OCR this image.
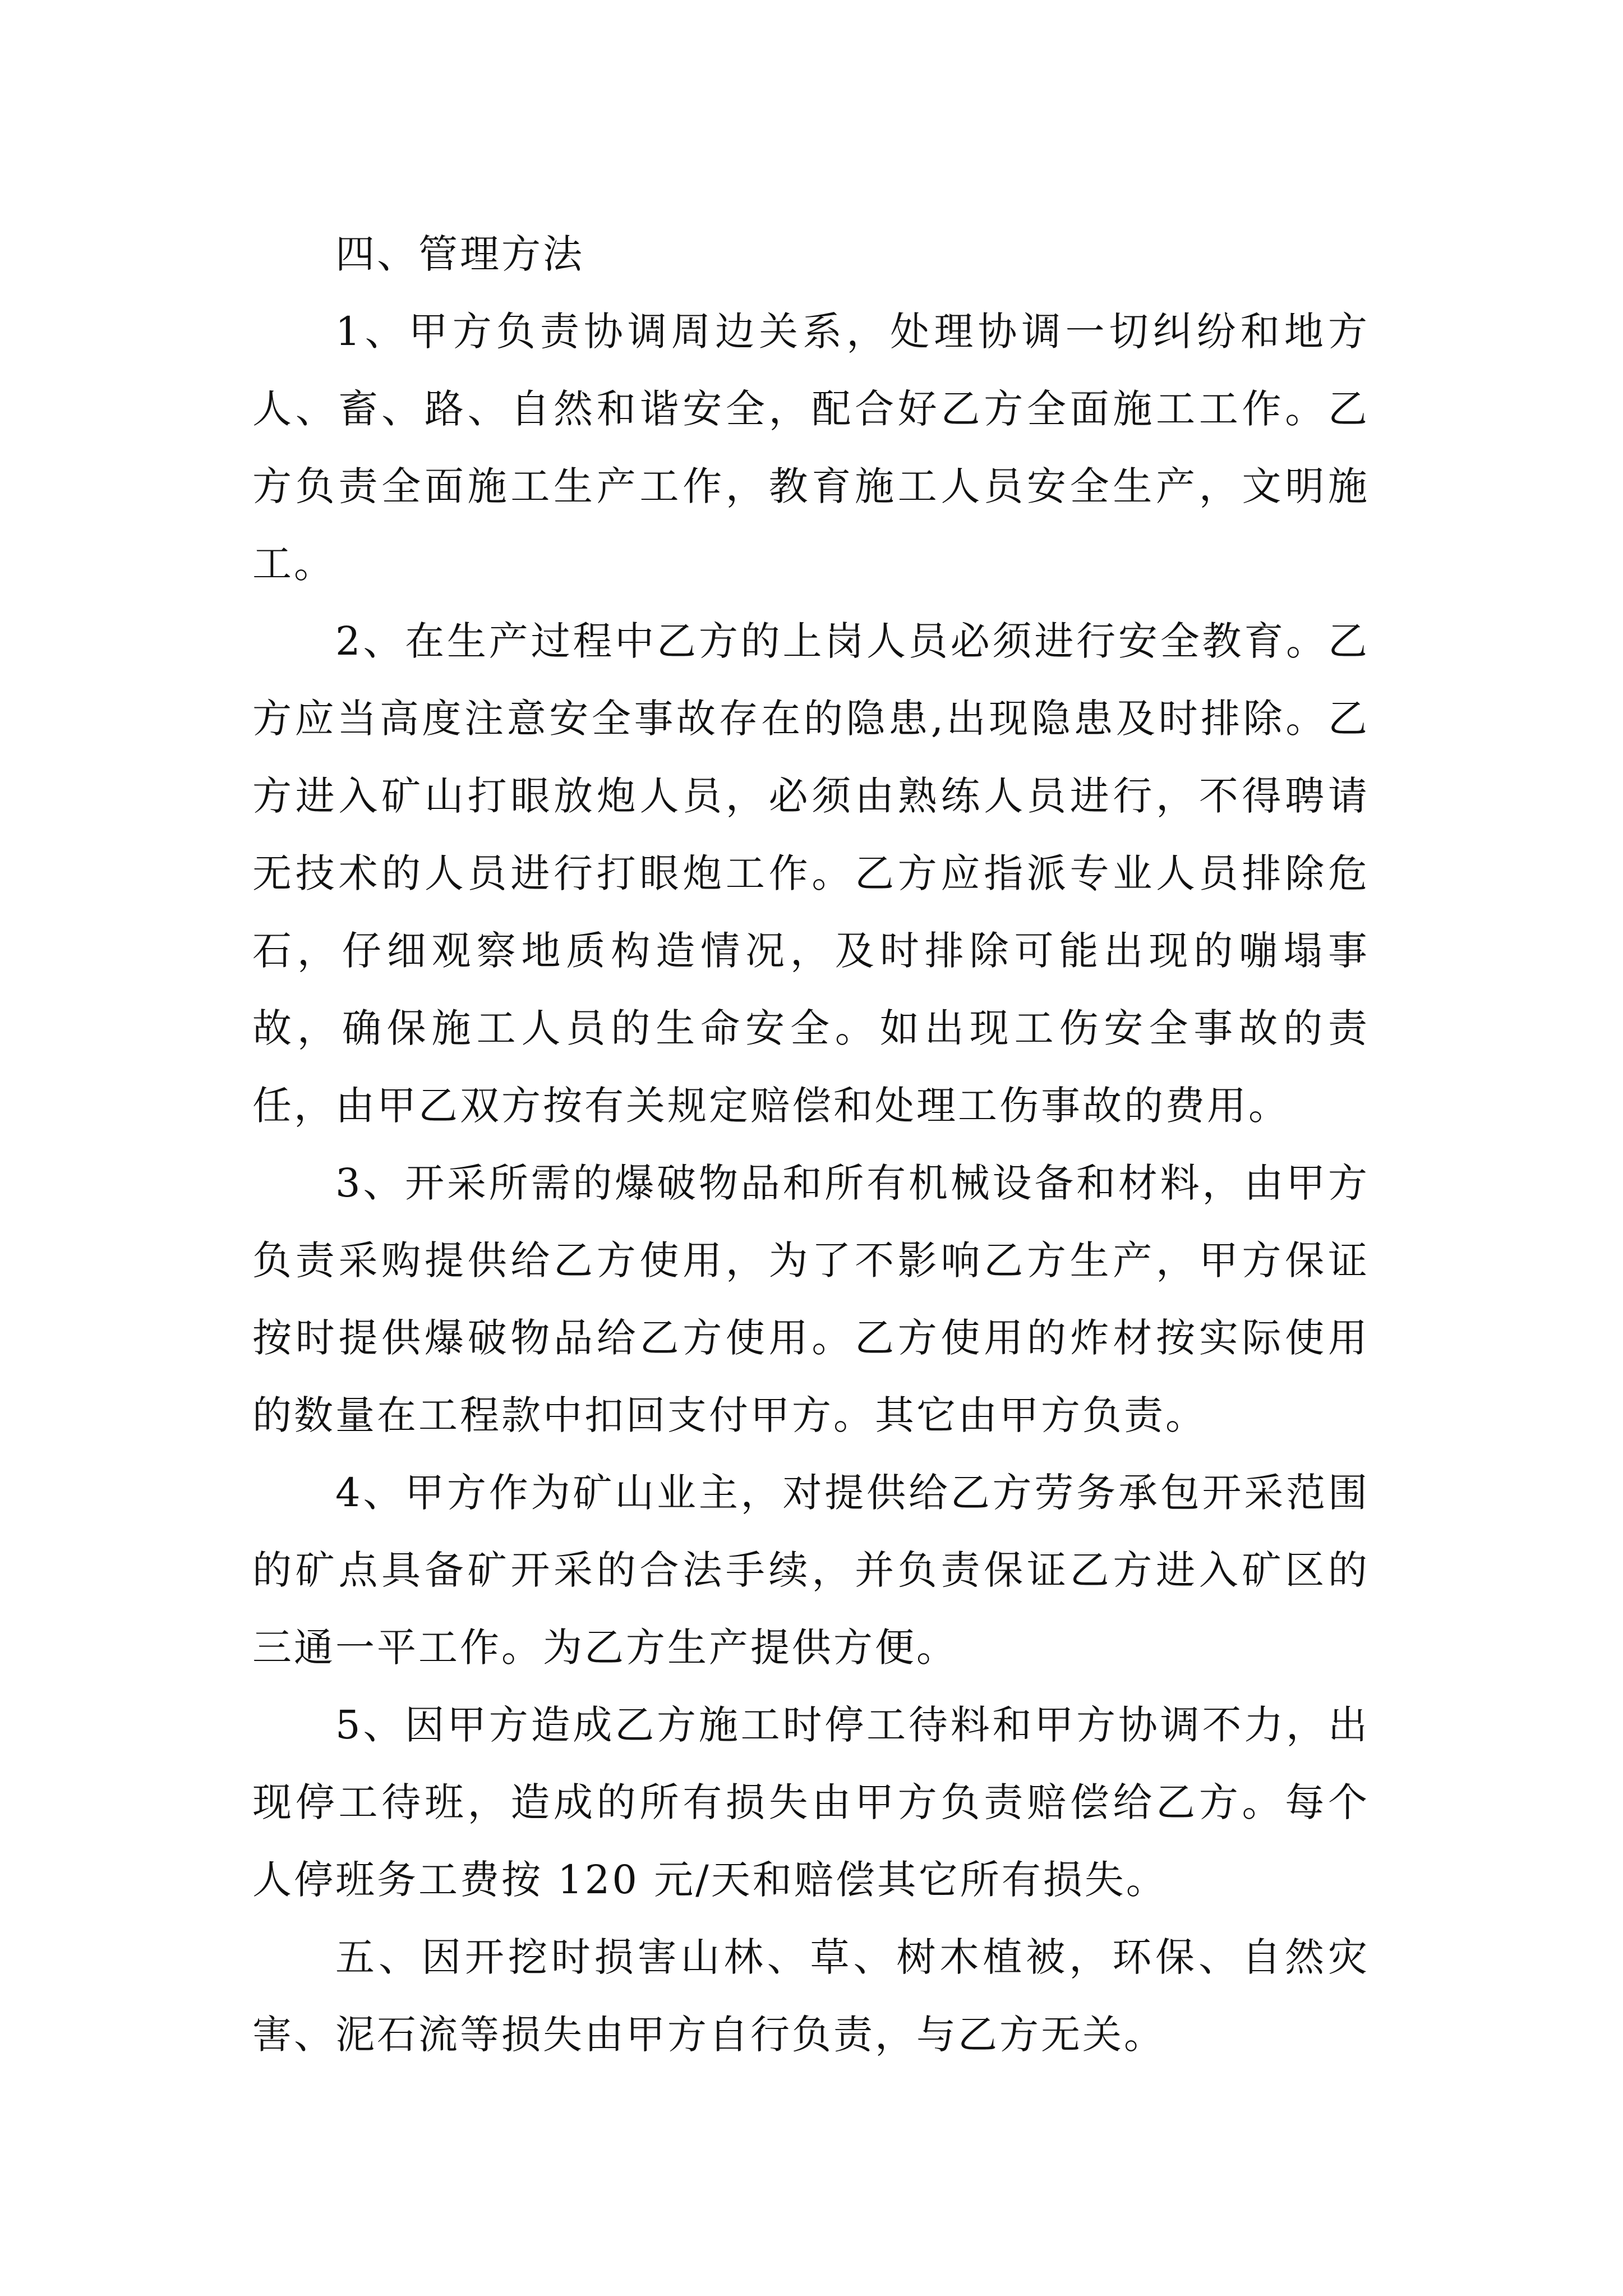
四、管理方法

1、甲方负责协调周边关系，处理协调一切纠纷和地方人、畜、路、自然和谐安全，配合好乙方全面施工工作。乙方负责全面施工生产工作，教育施工人员安全生产，文明施工。

2、在生产过程中乙方的上岗人员必须进行安全教育。乙方应当高度注意安全事故存在的隐患,出现隐患及时排除。乙方进入矿山打眼放炮人员，必须由熟练人员进行，不得聘请无技术的人员进行打眼炮工作。乙方应指派专业人员排除危石，仔细观察地质构造情况，及时排除可能出现的嘣塌事故，确保施工人员的生命安全。如出现工伤安全事故的责任，由甲乙双方按有关规定赔偿和处理工伤事故的费用。

3、开采所需的爆破物品和所有机械设备和材料，由甲方负责采购提供给乙方使用，为了不影响乙方生产，甲方保证按时提供爆破物品给乙方使用。乙方使用的炸材按实际使用的数量在工程款中扣回支付甲方。其它由甲方负责。

4、甲方作为矿山业主，对提供给乙方劳务承包开采范围的矿点具备矿开采的合法手续，并负责保证乙方进入矿区的三通一平工作。为乙方生产提供方便。

5、因甲方造成乙方施工时停工待料和甲方协调不力，出现停工待班，造成的所有损失由甲方负责赔偿给乙方。每个人停班务工费按 120 元/天和赔偿其它所有损失。

五、因开挖时损害山林、草、树木植被，环保、自然灾害、泥石流等损失由甲方自行负责，与乙方无关。
